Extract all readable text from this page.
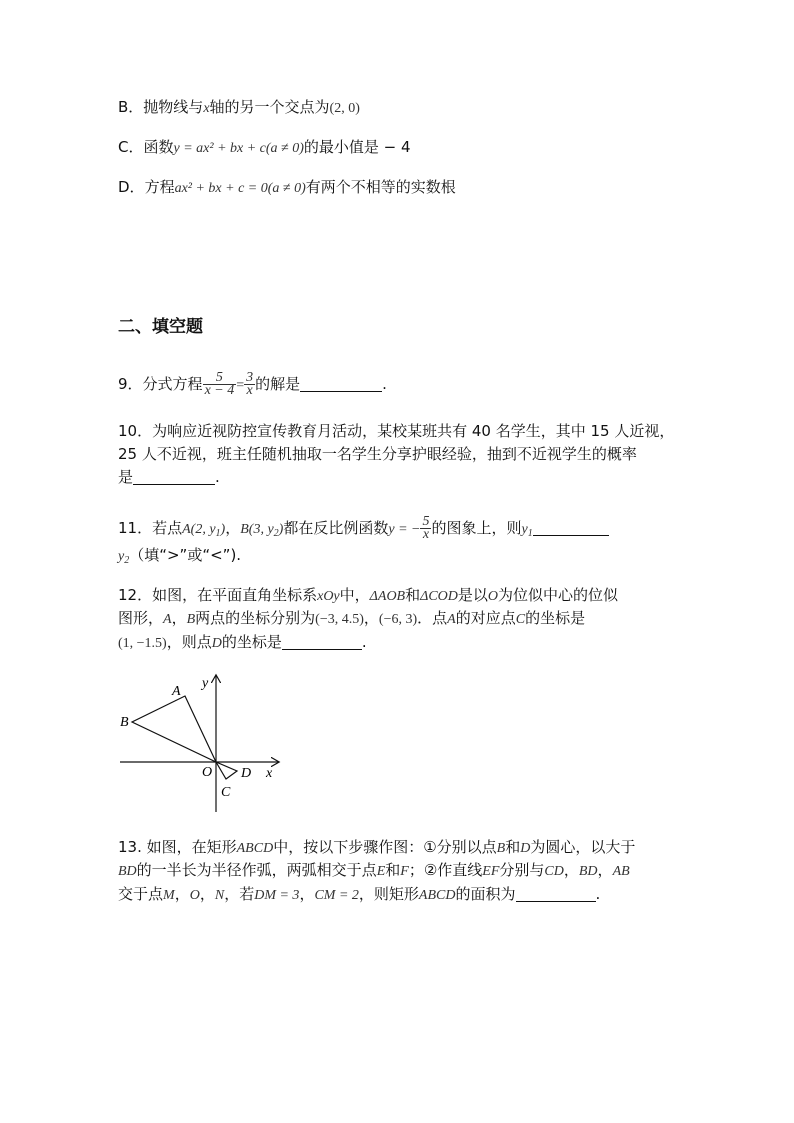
B．抛物线与x轴的另一个交点为(2, 0)
C．函数y = ax² + bx + c(a ≠ 0)的最小值是 − 4
D．方程ax² + bx + c = 0(a ≠ 0)有两个不相等的实数根
二、填空题
9．分式方程 $\frac{5}{x - 4} = \frac{3}{x}$ 的解是	.
10．为响应近视防控宣传教育月活动，某校某班共有 40 名学生，其中 15 人近视，
25 人不近视，班主任随机抽取一名学生分享护眼经验，抽到不近视学生的概率
是	.
11．若点A(2, $y_1$)，B(3, $y_2$)都在反比例函数y = − $\frac{5}{x}$ 的图象上，则$y_1$
$y_2$（填“>”或“<”).
12．如图，在平面直角坐标系xOy中，ΔAOB和ΔCOD是以O为位似中心的位似
图形，A，B两点的坐标分别为(−3, 4.5)，(−6, 3)．点A的对应点C的坐标是
(1, −1.5)，则点D的坐标是	.
A
B
O
C
D x
y
13. 如图，在矩形ABCD中，按以下步骤作图：①分别以点B和D为圆心，以大于
BD的一半长为半径作弧，两弧相交于点E和F；②作直线EF分别与CD，BD，AB
交于点M，O，N，若DM = 3，CM = 2，则矩形ABCD的面积为	.
